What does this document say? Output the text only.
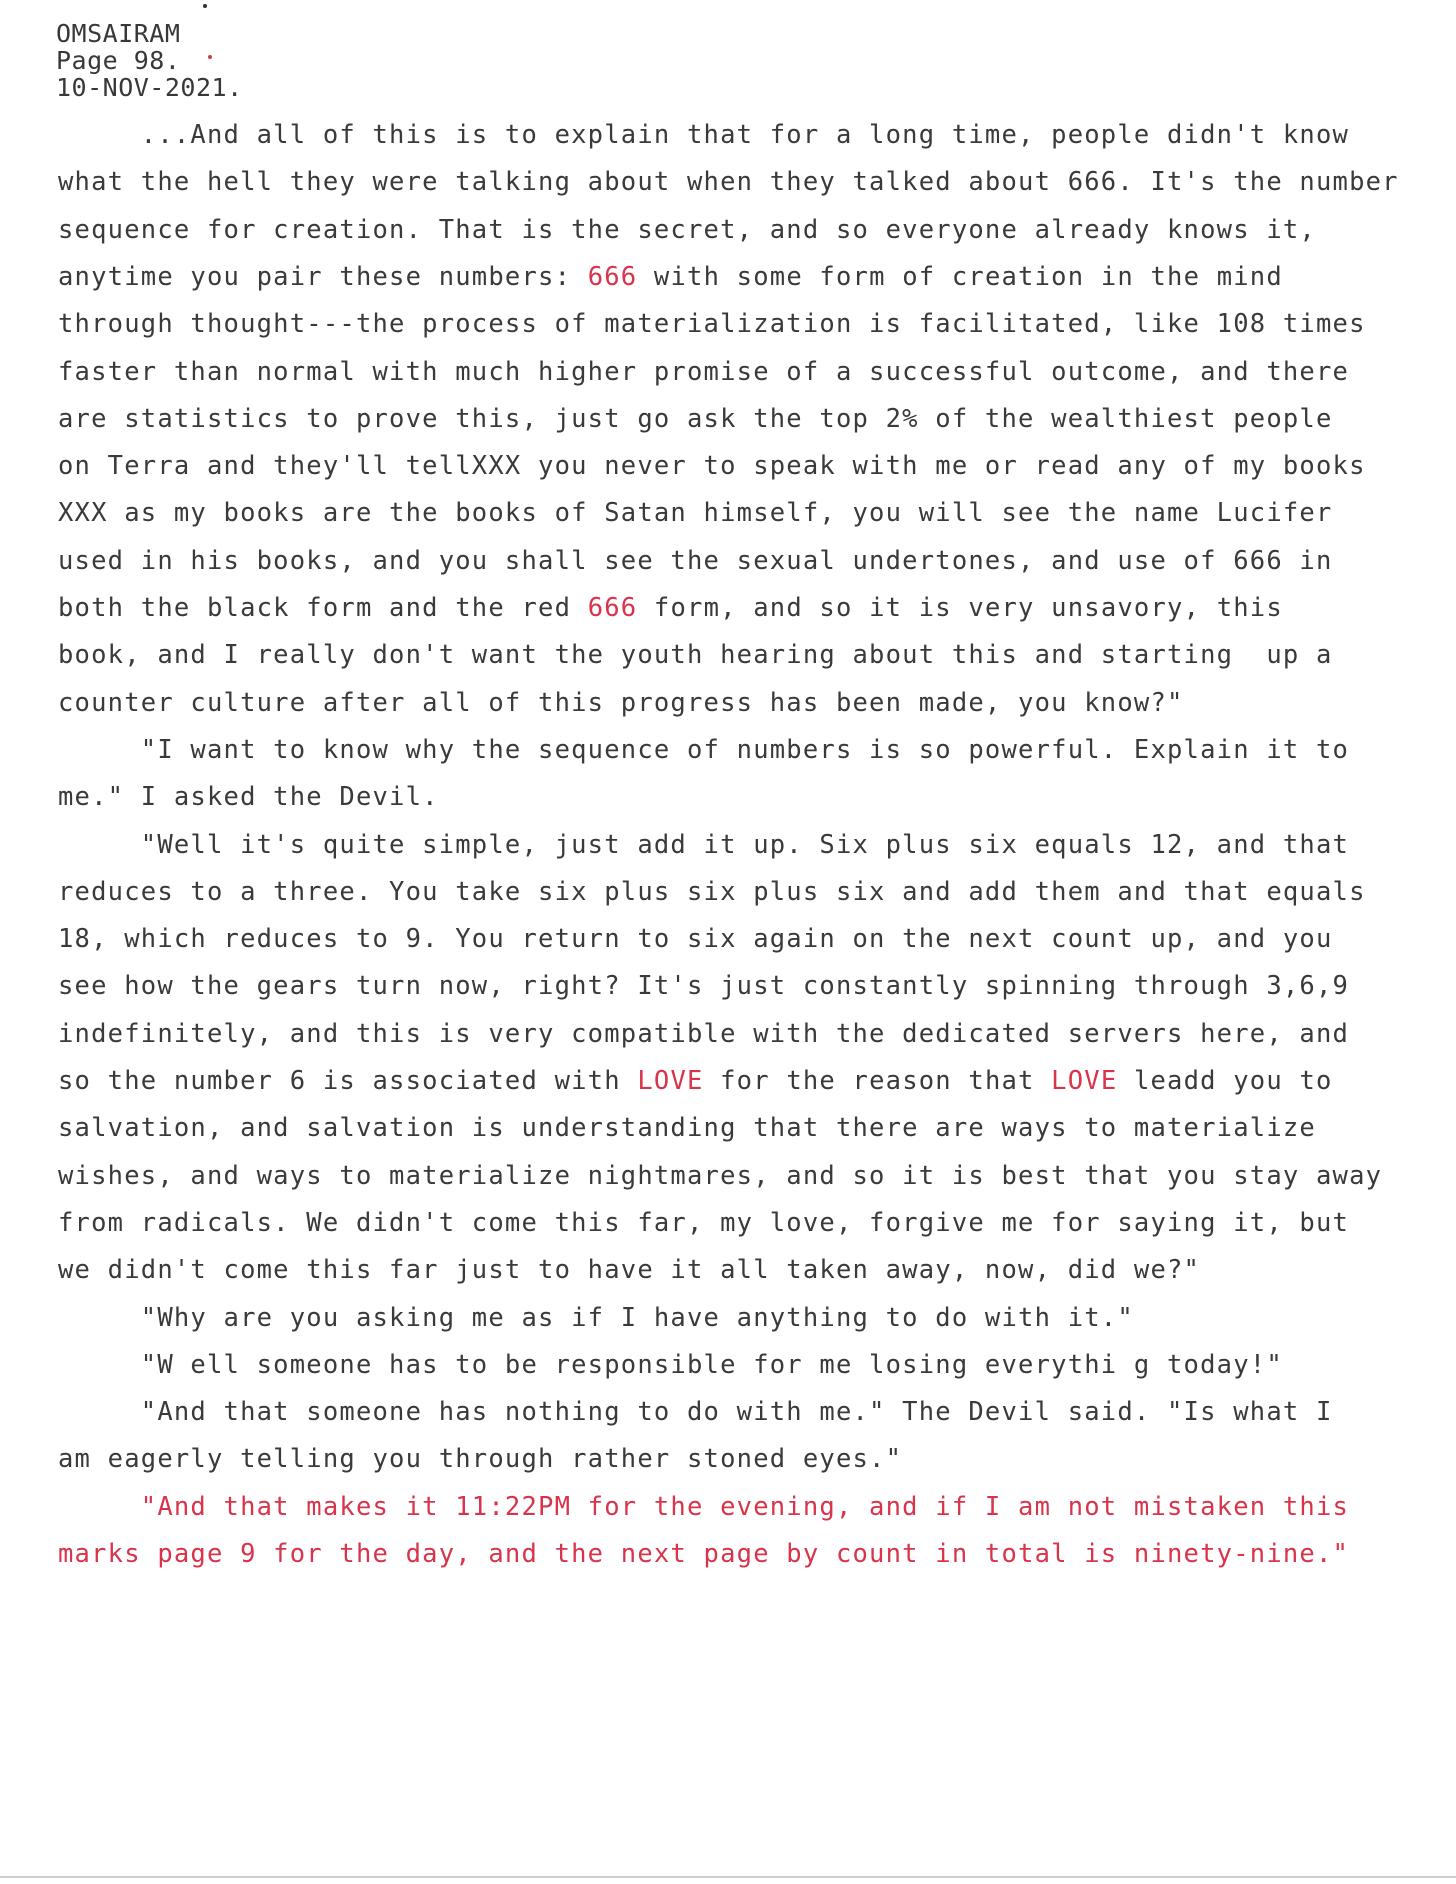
OMSAIRAM
Page 98.
10-NOV-2021.
...And all of this is to explain that for a long time, people didn't know
what the hell they were talking about when they talked about 666. It's the number
sequence for creation. That is the secret, and so everyone already knows it,
anytime you pair these numbers: 666 with some form of creation in the mind
through thought---the process of materialization is facilitated, like 108 times
faster than normal with much higher promise of a successful outcome, and there
are statistics to prove this, just go ask the top 2% of the wealthiest people
on Terra and they'll tellXXX you never to speak with me or read any of my books
XXX as my books are the books of Satan himself, you will see the name Lucifer
used in his books, and you shall see the sexual undertones, and use of 666 in
both the black form and the red 666 form, and so it is very unsavory, this
book, and I really don't want the youth hearing about this and starting  up a
counter culture after all of this progress has been made, you know?"
"I want to know why the sequence of numbers is so powerful. Explain it to
me." I asked the Devil.
"Well it's quite simple, just add it up. Six plus six equals 12, and that
reduces to a three. You take six plus six plus six and add them and that equals
18, which reduces to 9. You return to six again on the next count up, and you
see how the gears turn now, right? It's just constantly spinning through 3,6,9
indefinitely, and this is very compatible with the dedicated servers here, and
so the number 6 is associated with LOVE for the reason that LOVE leadd you to
salvation, and salvation is understanding that there are ways to materialize
wishes, and ways to materialize nightmares, and so it is best that you stay away
from radicals. We didn't come this far, my love, forgive me for saying it, but
we didn't come this far just to have it all taken away, now, did we?"
"Why are you asking me as if I have anything to do with it."
"W ell someone has to be responsible for me losing everythi g today!"
"And that someone has nothing to do with me." The Devil said. "Is what I
am eagerly telling you through rather stoned eyes."
"And that makes it 11:22PM for the evening, and if I am not mistaken this
marks page 9 for the day, and the next page by count in total is ninety-nine."
